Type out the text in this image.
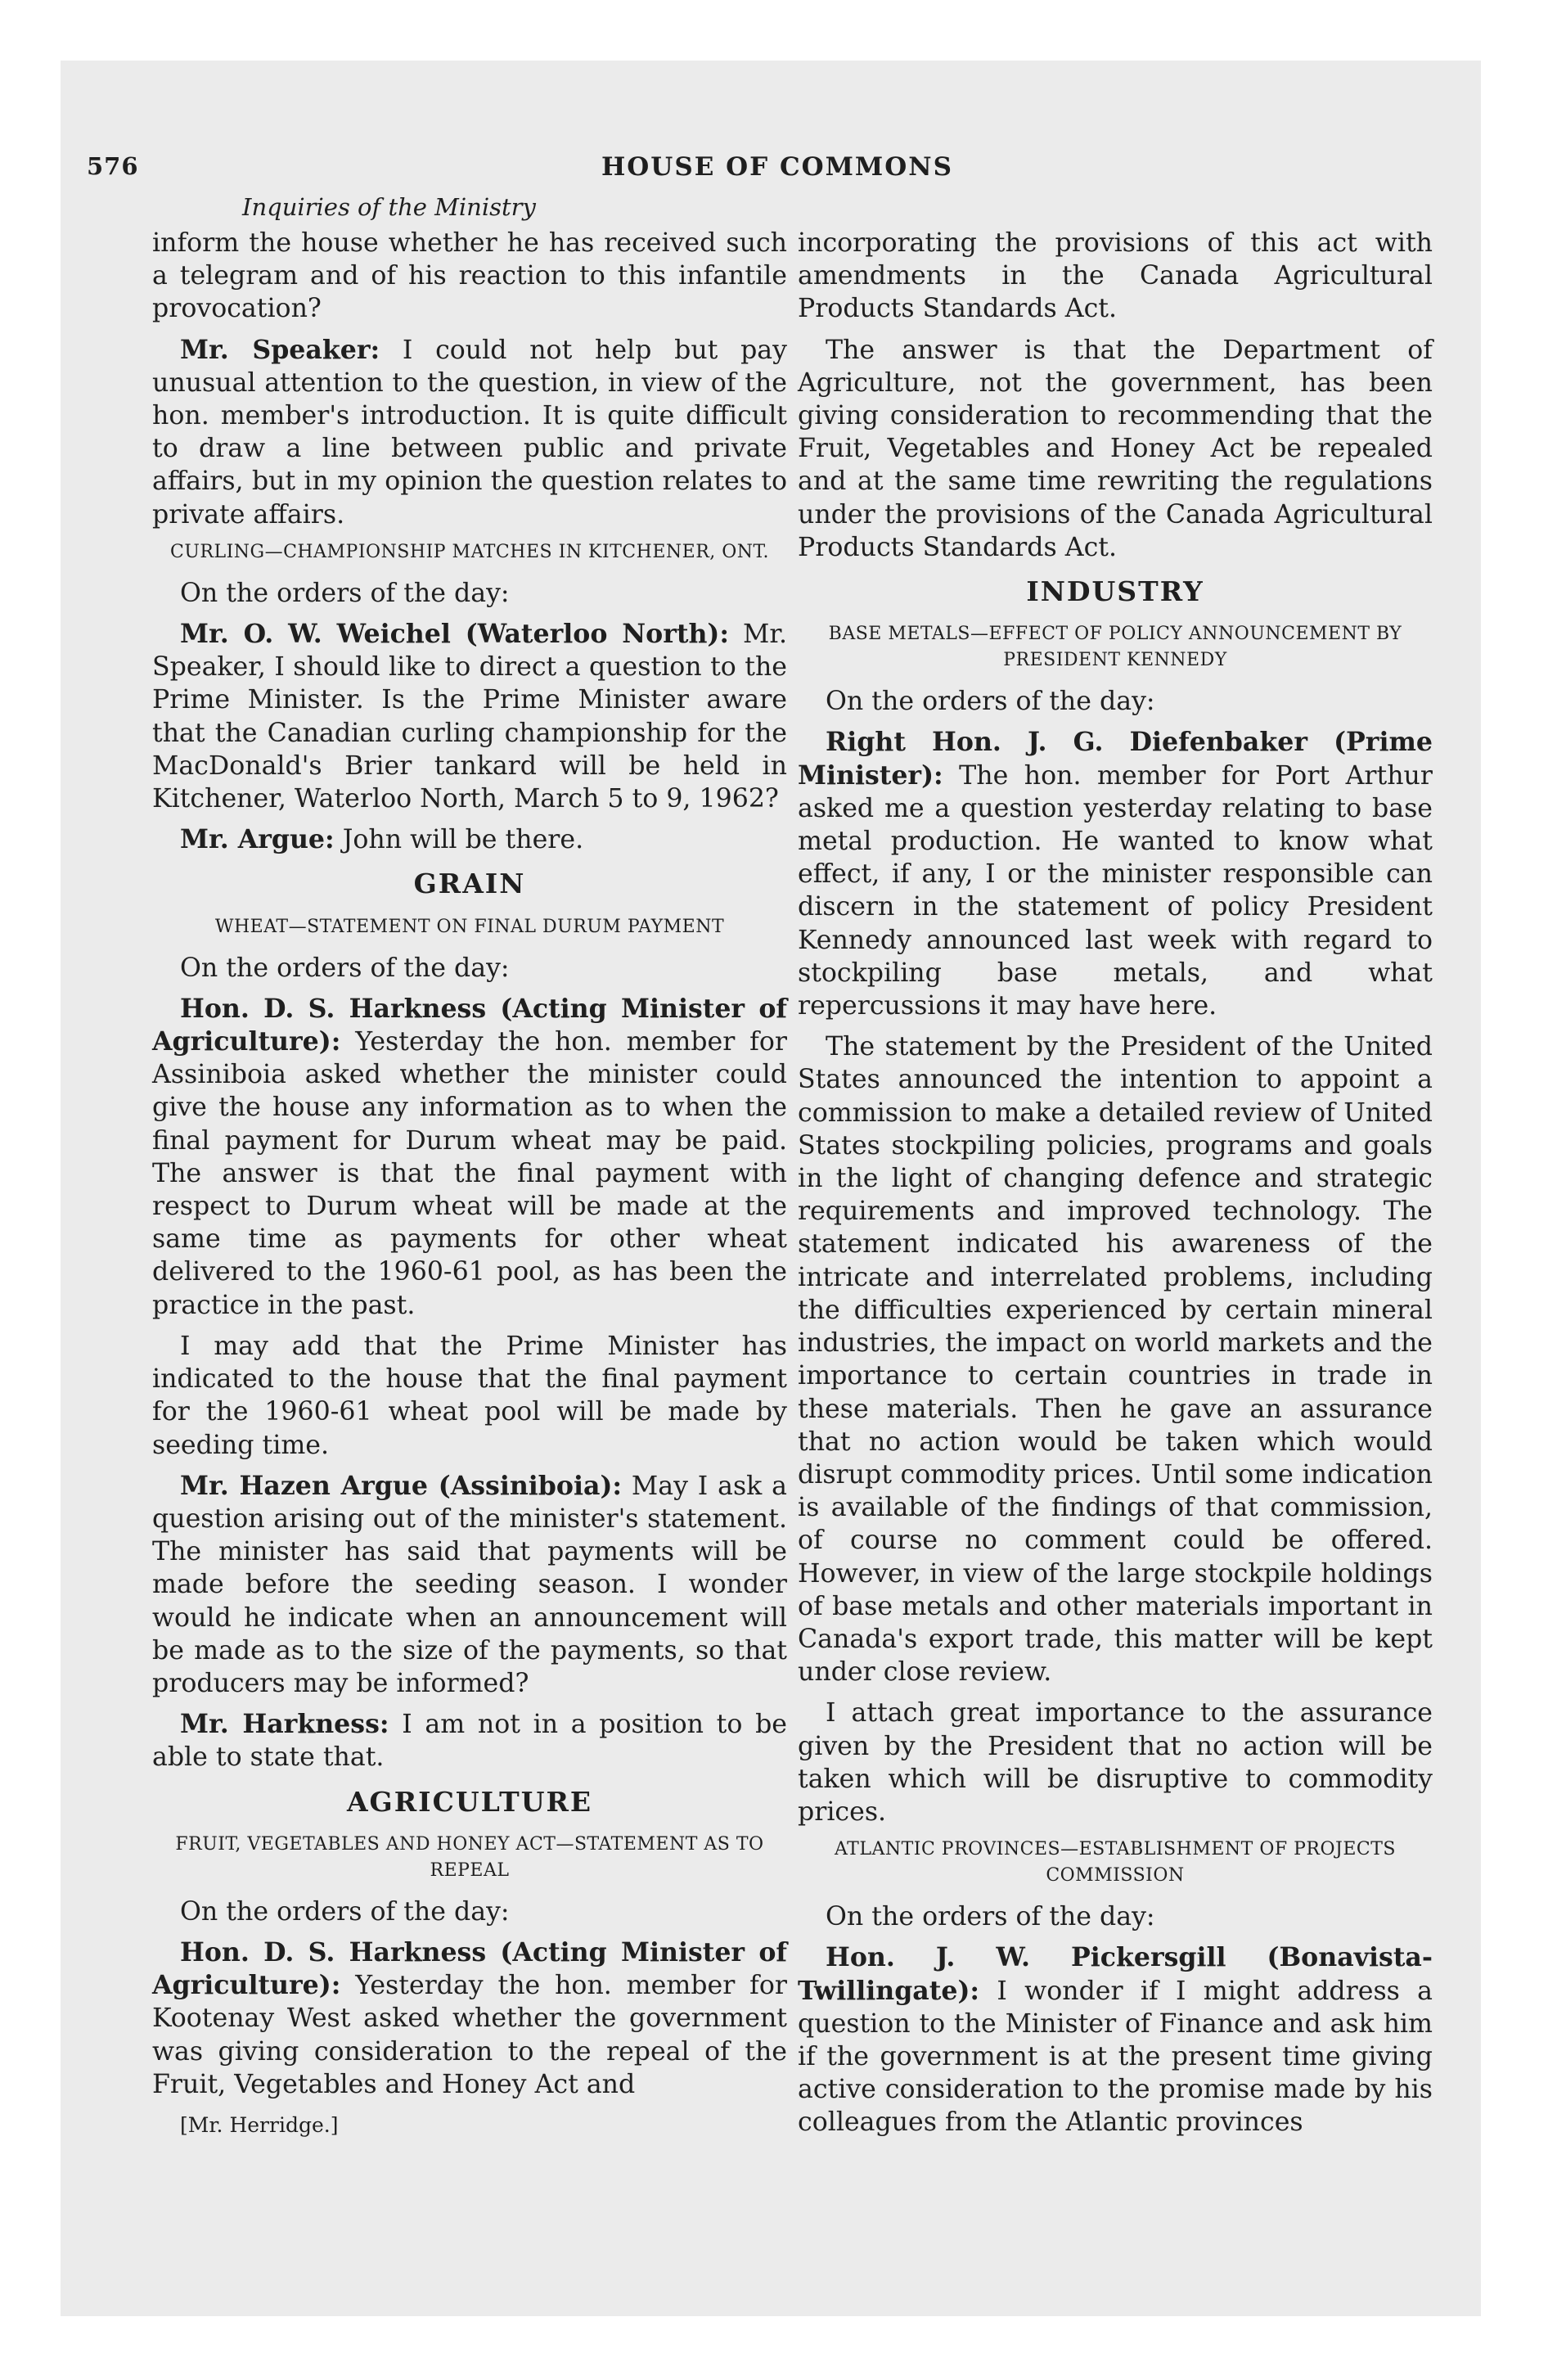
576	HOUSE OF COMMONS
Inquiries of the Ministry

inform the house whether he has received such a telegram and of his reaction to this infantile provocation?

Mr. Speaker: I could not help but pay unusual attention to the question, in view of the hon. member's introduction. It is quite difficult to draw a line between public and private affairs, but in my opinion the question relates to private affairs.

CURLING—CHAMPIONSHIP MATCHES IN KITCHENER, ONT.

On the orders of the day:

Mr. O. W. Weichel (Waterloo North): Mr. Speaker, I should like to direct a question to the Prime Minister. Is the Prime Minister aware that the Canadian curling championship for the MacDonald's Brier tankard will be held in Kitchener, Waterloo North, March 5 to 9, 1962?

Mr. Argue: John will be there.

GRAIN
WHEAT—STATEMENT ON FINAL DURUM PAYMENT

On the orders of the day:

Hon. D. S. Harkness (Acting Minister of Agriculture): Yesterday the hon. member for Assiniboia asked whether the minister could give the house any information as to when the final payment for Durum wheat may be paid. The answer is that the final payment with respect to Durum wheat will be made at the same time as payments for other wheat delivered to the 1960-61 pool, as has been the practice in the past.

I may add that the Prime Minister has indicated to the house that the final payment for the 1960-61 wheat pool will be made by seeding time.

Mr. Hazen Argue (Assiniboia): May I ask a question arising out of the minister's statement. The minister has said that payments will be made before the seeding season. I wonder would he indicate when an announcement will be made as to the size of the payments, so that producers may be informed?

Mr. Harkness: I am not in a position to be able to state that.

AGRICULTURE
FRUIT, VEGETABLES AND HONEY ACT—STATEMENT AS TO REPEAL

On the orders of the day:

Hon. D. S. Harkness (Acting Minister of Agriculture): Yesterday the hon. member for Kootenay West asked whether the government was giving consideration to the repeal of the Fruit, Vegetables and Honey Act and

[Mr. Herridge.]

incorporating the provisions of this act with amendments in the Canada Agricultural Products Standards Act.

The answer is that the Department of Agriculture, not the government, has been giving consideration to recommending that the Fruit, Vegetables and Honey Act be repealed and at the same time rewriting the regulations under the provisions of the Canada Agricultural Products Standards Act.

INDUSTRY
BASE METALS—EFFECT OF POLICY ANNOUNCEMENT BY PRESIDENT KENNEDY

On the orders of the day:

Right Hon. J. G. Diefenbaker (Prime Minister): The hon. member for Port Arthur asked me a question yesterday relating to base metal production. He wanted to know what effect, if any, I or the minister responsible can discern in the statement of policy President Kennedy announced last week with regard to stockpiling base metals, and what repercussions it may have here.

The statement by the President of the United States announced the intention to appoint a commission to make a detailed review of United States stockpiling policies, programs and goals in the light of changing defence and strategic requirements and improved technology. The statement indicated his awareness of the intricate and interrelated problems, including the difficulties experienced by certain mineral industries, the impact on world markets and the importance to certain countries in trade in these materials. Then he gave an assurance that no action would be taken which would disrupt commodity prices. Until some indication is available of the findings of that commission, of course no comment could be offered. However, in view of the large stockpile holdings of base metals and other materials important in Canada's export trade, this matter will be kept under close review.

I attach great importance to the assurance given by the President that no action will be taken which will be disruptive to commodity prices.

ATLANTIC PROVINCES—ESTABLISHMENT OF PROJECTS COMMISSION

On the orders of the day:

Hon. J. W. Pickersgill (Bonavista-Twillingate): I wonder if I might address a question to the Minister of Finance and ask him if the government is at the present time giving active consideration to the promise made by his colleagues from the Atlantic provinces
